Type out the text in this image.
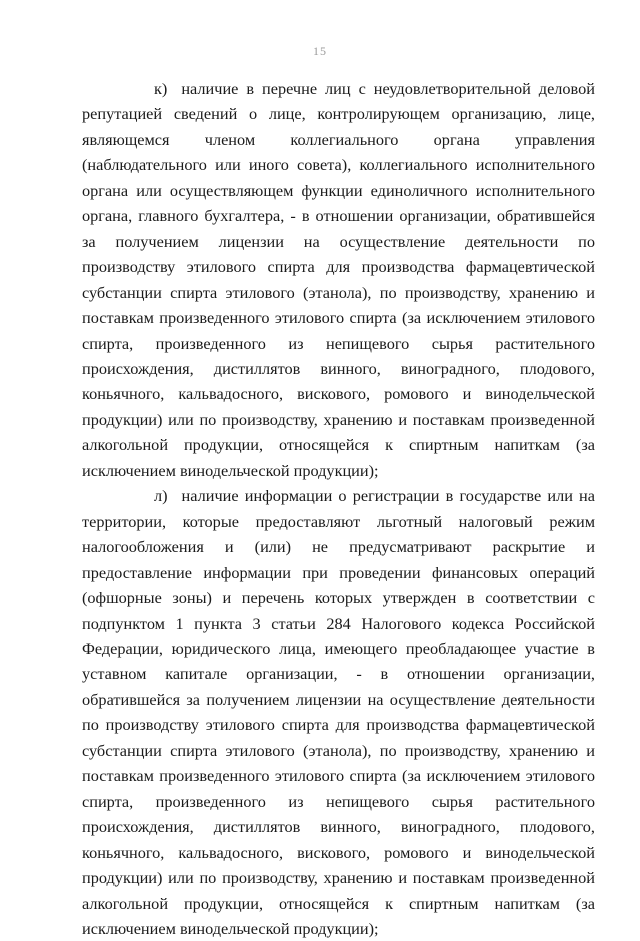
15

к) наличие в перечне лиц с неудовлетворительной деловой репутацией сведений о лице, контролирующем организацию, лице, являющемся членом коллегиального органа управления (наблюдательного или иного совета), коллегиального исполнительного органа или осуществляющем функции единоличного исполнительного органа, главного бухгалтера, - в отношении организации, обратившейся за получением лицензии на осуществление деятельности по производству этилового спирта для производства фармацевтической субстанции спирта этилового (этанола), по производству, хранению и поставкам произведенного этилового спирта (за исключением этилового спирта, произведенного из непищевого сырья растительного происхождения, дистиллятов винного, виноградного, плодового, коньячного, кальвадосного, вискового, ромового и винодельческой продукции) или по производству, хранению и поставкам произведенной алкогольной продукции, относящейся к спиртным напиткам (за исключением винодельческой продукции);

л) наличие информации о регистрации в государстве или на территории, которые предоставляют льготный налоговый режим налогообложения и (или) не предусматривают раскрытие и предоставление информации при проведении финансовых операций (офшорные зоны) и перечень которых утвержден в соответствии с подпунктом 1 пункта 3 статьи 284 Налогового кодекса Российской Федерации, юридического лица, имеющего преобладающее участие в уставном капитале организации, - в отношении организации, обратившейся за получением лицензии на осуществление деятельности по производству этилового спирта для производства фармацевтической субстанции спирта этилового (этанола), по производству, хранению и поставкам произведенного этилового спирта (за исключением этилового спирта, произведенного из непищевого сырья растительного происхождения, дистиллятов винного, виноградного, плодового, коньячного, кальвадосного, вискового, ромового и винодельческой продукции) или по производству, хранению и поставкам произведенной алкогольной продукции, относящейся к спиртным напиткам (за исключением винодельческой продукции);
